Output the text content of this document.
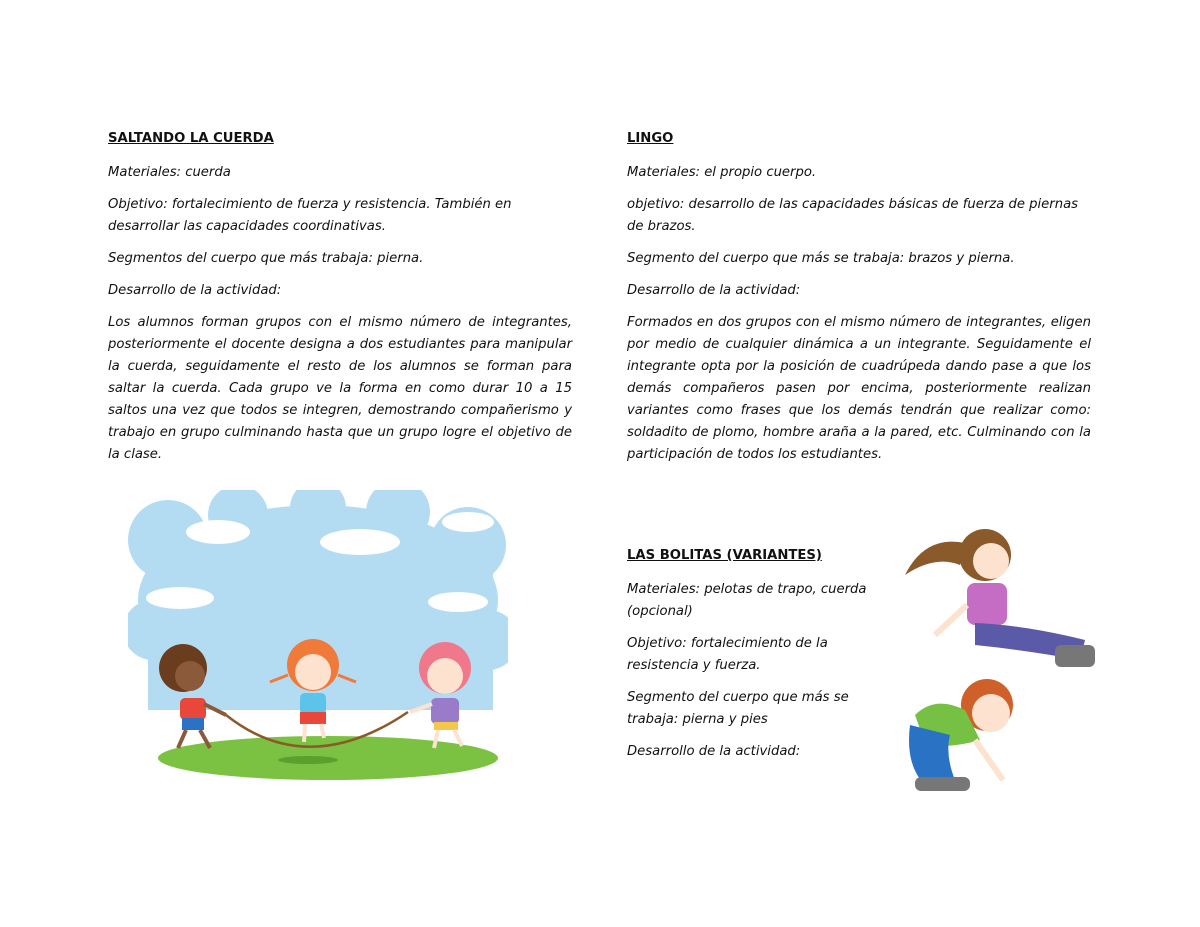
SALTANDO LA CUERDA

Materiales: cuerda

Objetivo: fortalecimiento de fuerza y resistencia. También en desarrollar las capacidades coordinativas.

Segmentos del cuerpo que más trabaja: pierna.

Desarrollo de la actividad:

Los alumnos forman grupos con el mismo número de integrantes, posteriormente el docente designa a dos estudiantes para manipular la cuerda, seguidamente el resto de los alumnos se forman para saltar la cuerda. Cada grupo ve la forma en como durar 10 a 15 saltos una vez que todos se integren, demostrando compañerismo y trabajo en grupo culminando hasta que un grupo logre el objetivo de la clase.

LINGO

Materiales: el propio cuerpo.

objetivo: desarrollo de las capacidades básicas de fuerza de piernas de brazos.

Segmento del cuerpo que más se trabaja: brazos y pierna.

Desarrollo de la actividad:

Formados en dos grupos con el mismo número de integrantes, eligen por medio de cualquier dinámica a un integrante. Seguidamente el integrante opta por la posición de cuadrúpeda dando pase a que los demás compañeros pasen por encima, posteriormente realizan variantes como frases que los demás tendrán que realizar como: soldadito de plomo, hombre araña a la pared, etc. Culminando con la participación de todos los estudiantes.

LAS BOLITAS (VARIANTES)

Materiales: pelotas de trapo, cuerda (opcional)

Objetivo: fortalecimiento de la resistencia y fuerza.

Segmento del cuerpo que más se trabaja: pierna y pies

Desarrollo de la actividad:
